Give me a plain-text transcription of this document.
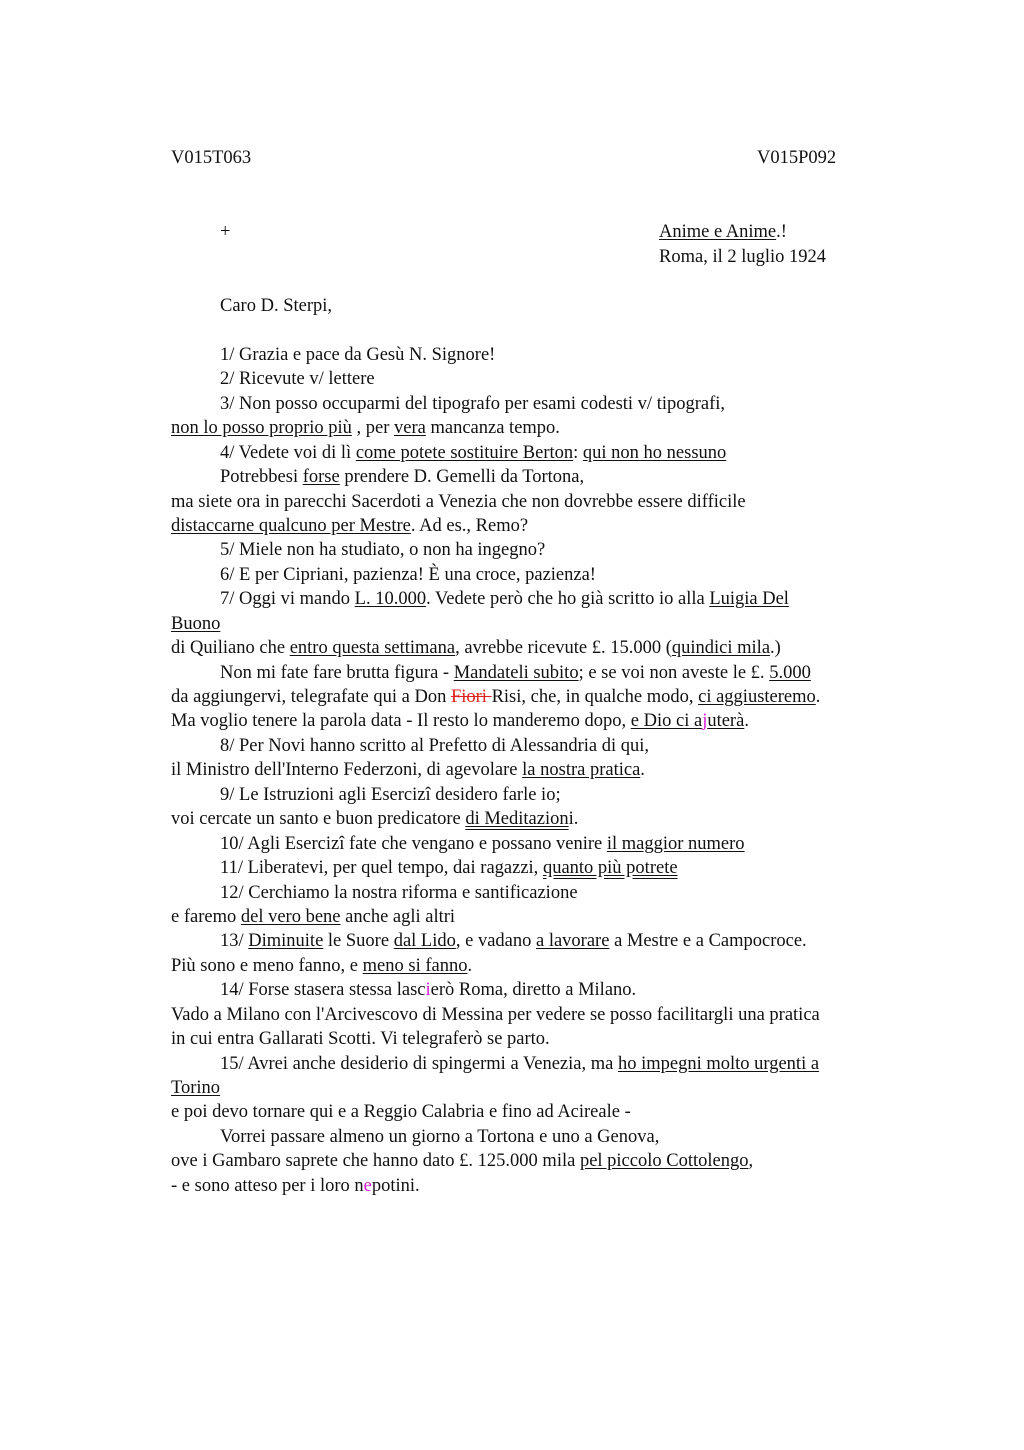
V015T063	V015P092
+	Anime e Anime.!
Roma, il 2 luglio 1924
Caro D. Sterpi,
1/ Grazia e pace da Gesù N. Signore!
2/ Ricevute v/ lettere
3/ Non posso occuparmi del tipografo per esami codesti v/ tipografi,
non lo posso proprio più , per vera mancanza tempo.
4/ Vedete voi di lì come potete sostituire Berton: qui non ho nessuno
Potrebbesi forse prendere D. Gemelli da Tortona,
ma siete ora in parecchi Sacerdoti a Venezia che non dovrebbe essere difficile
distaccarne qualcuno per Mestre. Ad es., Remo?
5/ Miele non ha studiato, o non ha ingegno?
6/ E per Cipriani, pazienza! È una croce, pazienza!
7/ Oggi vi mando L. 10.000. Vedete però che ho già scritto io alla Luigia Del
Buono
di Quiliano che entro questa settimana, avrebbe ricevute £. 15.000 (quindici mila.)
Non mi fate fare brutta figura - Mandateli subito; e se voi non aveste le £. 5.000
da aggiungervi, telegrafate qui a Don Fiori Risi, che, in qualche modo, ci aggiusteremo.
Ma voglio tenere la parola data - Il resto lo manderemo dopo, e Dio ci ajuterà.
8/ Per Novi hanno scritto al Prefetto di Alessandria di qui,
il Ministro dell'Interno Federzoni, di agevolare la nostra pratica.
9/ Le Istruzioni agli Esercizi desidero farle io;
voi cercate un santo e buon predicatore di Meditazioni.
10/ Agli Esercizi fate che vengano e possano venire il maggior numero
11/ Liberatevi, per quel tempo, dai ragazzi, quanto più potrete
12/ Cerchiamo la nostra riforma e santificazione
e faremo del vero bene anche agli altri
13/ Diminuite le Suore dal Lido, e vadano a lavorare a Mestre e a Campocroce.
Più sono e meno fanno, e meno si fanno.
14/ Forse stasera stessa lascierò Roma, diretto a Milano.
Vado a Milano con l'Arcivescovo di Messina per vedere se posso facilitargli una pratica
in cui entra Gallarati Scotti. Vi telegraferò se parto.
15/ Avrei anche desiderio di spingermi a Venezia, ma ho impegni molto urgenti a
Torino
e poi devo tornare qui e a Reggio Calabria e fino ad Acireale -
Vorrei passare almeno un giorno a Tortona e uno a Genova,
ove i Gambaro saprete che hanno dato £. 125.000 mila pel piccolo Cottolengo,
- e sono atteso per i loro nepotini.
